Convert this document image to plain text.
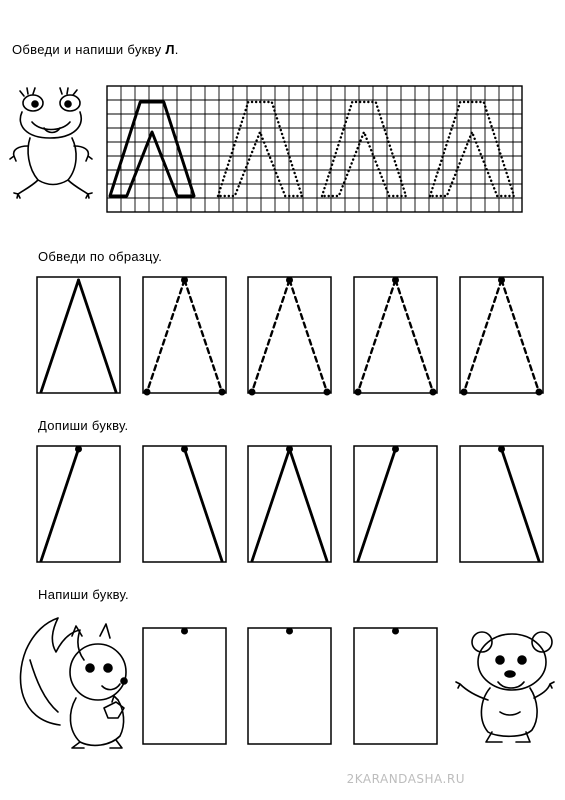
Обведи и напиши букву Л.
Обведи по образцу.
Допиши букву.
Напиши букву.
2KARANDASHA.RU
